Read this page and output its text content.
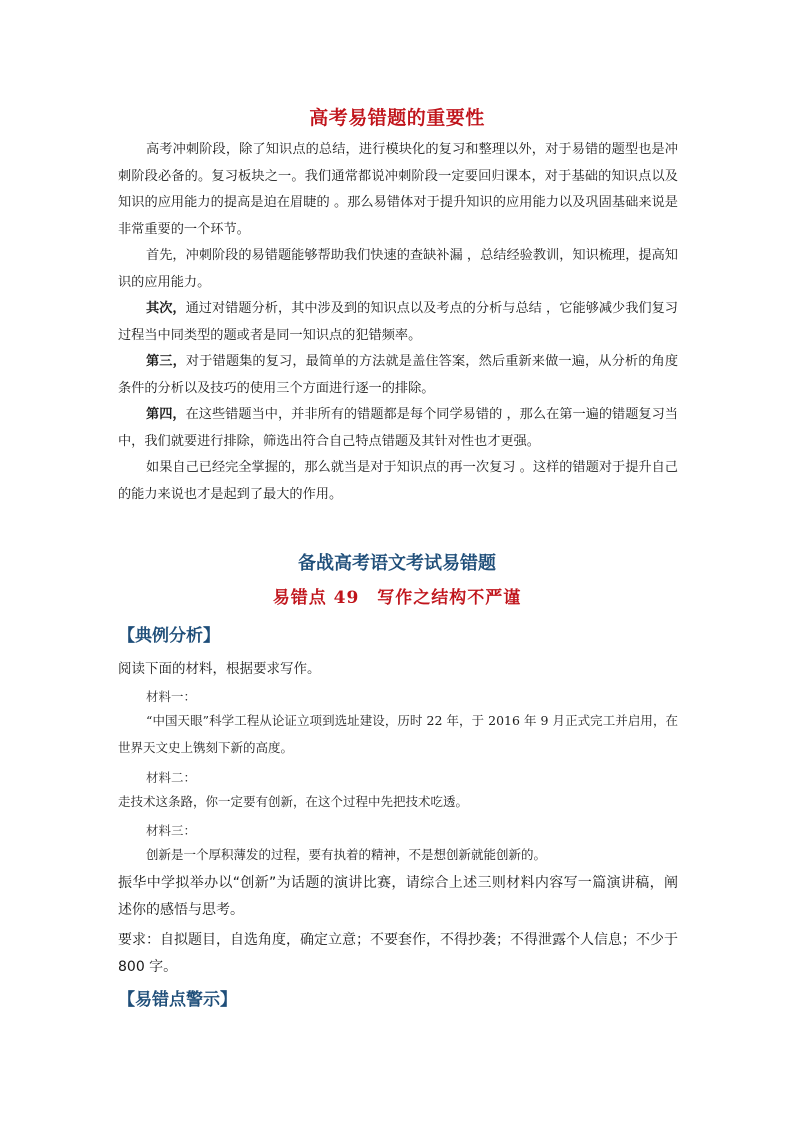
高考易错题的重要性
高考冲刺阶段，除了知识点的总结，进行模块化的复习和整理以外，对于易错的题型也是冲刺阶段必备的。复习板块之一。我们通常都说冲刺阶段一定要回归课本，对于基础的知识点以及知识的应用能力的提高是迫在眉睫的 。那么易错体对于提升知识的应用能力以及巩固基础来说是非常重要的一个环节。
首先，冲刺阶段的易错题能够帮助我们快速的查缺补漏 ，总结经验教训，知识梳理，提高知识的应用能力。
其次，通过对错题分析，其中涉及到的知识点以及考点的分析与总结 ，它能够减少我们复习过程当中同类型的题或者是同一知识点的犯错频率。
第三，对于错题集的复习，最简单的方法就是盖住答案，然后重新来做一遍，从分析的角度条件的分析以及技巧的使用三个方面进行逐一的排除。
第四，在这些错题当中，并非所有的错题都是每个同学易错的 ，那么在第一遍的错题复习当中，我们就要进行排除，筛选出符合自己特点错题及其针对性也才更强。
如果自己已经完全掌握的，那么就当是对于知识点的再一次复习 。这样的错题对于提升自己的能力来说也才是起到了最大的作用。
备战高考语文考试易错题
易错点 49　写作之结构不严谨
【典例分析】
阅读下面的材料，根据要求写作。
材料一：
“中国天眼”科学工程从论证立项到选址建设，历时 22 年，于 2016 年 9 月正式完工并启用，在世界天文史上镌刻下新的高度。
材料二：
走技术这条路，你一定要有创新，在这个过程中先把技术吃透。
材料三：
创新是一个厚积薄发的过程，要有执着的精神，不是想创新就能创新的。
振华中学拟举办以“创新”为话题的演讲比赛，请综合上述三则材料内容写一篇演讲稿，阐述你的感悟与思考。
要求：自拟题目，自选角度，确定立意；不要套作，不得抄袭；不得泄露个人信息；不少于 800 字。
【易错点警示】
